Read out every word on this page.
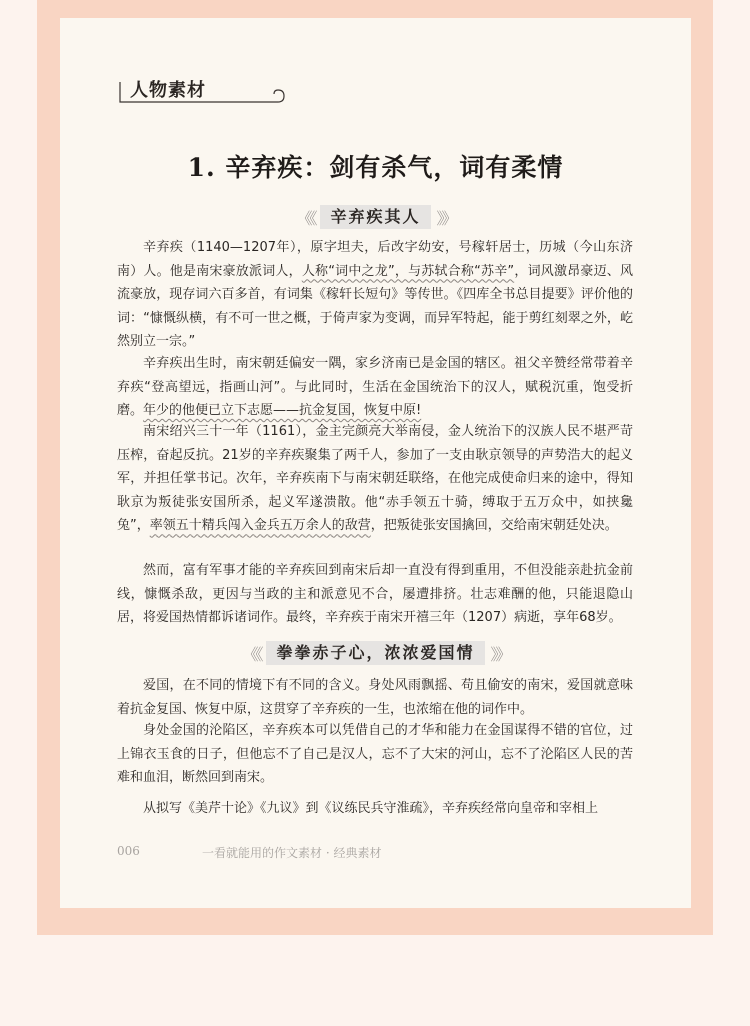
人物素材
1. 辛弃疾：剑有杀气，词有柔情
《《	辛弃疾其人	》》

辛弃疾（1140—1207年），原字坦夫，后改字幼安，号稼轩居士，历城（今山东济南）人。他是南宋豪放派词人，人称“词中之龙”，与苏轼合称“苏辛”，词风激昂豪迈、风流豪放，现存词六百多首，有词集《稼轩长短句》等传世。《四库全书总目提要》评价他的词：“慷慨纵横，有不可一世之概，于倚声家为变调，而异军特起，能于剪红刻翠之外，屹然别立一宗。”

辛弃疾出生时，南宋朝廷偏安一隅，家乡济南已是金国的辖区。祖父辛赞经常带着辛弃疾“登高望远，指画山河”。与此同时，生活在金国统治下的汉人，赋税沉重，饱受折磨。年少的他便已立下志愿——抗金复国，恢复中原!

南宋绍兴三十一年（1161），金主完颜亮大举南侵，金人统治下的汉族人民不堪严苛压榨，奋起反抗。21岁的辛弃疾聚集了两千人，参加了一支由耿京领导的声势浩大的起义军，并担任掌书记。次年，辛弃疾南下与南宋朝廷联络，在他完成使命归来的途中，得知耿京为叛徒张安国所杀，起义军遂溃散。他“赤手领五十骑，缚取于五万众中，如挟毚兔”，率领五十精兵闯入金兵五万余人的敌营，把叛徒张安国擒回，交给南宋朝廷处决。

然而，富有军事才能的辛弃疾回到南宋后却一直没有得到重用，不但没能亲赴抗金前线，慷慨杀敌，更因与当政的主和派意见不合，屡遭排挤。壮志难酬的他，只能退隐山居，将爱国热情都诉诸词作。最终，辛弃疾于南宋开禧三年（1207）病逝，享年68岁。

《《	拳拳赤子心，浓浓爱国情	》》

爱国，在不同的情境下有不同的含义。身处风雨飘摇、苟且偷安的南宋，爱国就意味着抗金复国、恢复中原，这贯穿了辛弃疾的一生，也浓缩在他的词作中。

身处金国的沦陷区，辛弃疾本可以凭借自己的才华和能力在金国谋得不错的官位，过上锦衣玉食的日子，但他忘不了自己是汉人，忘不了大宋的河山，忘不了沦陷区人民的苦难和血泪，断然回到南宋。

从拟写《美芹十论》《九议》到《议练民兵守淮疏》，辛弃疾经常向皇帝和宰相上

006	一看就能用的作文素材 · 经典素材
